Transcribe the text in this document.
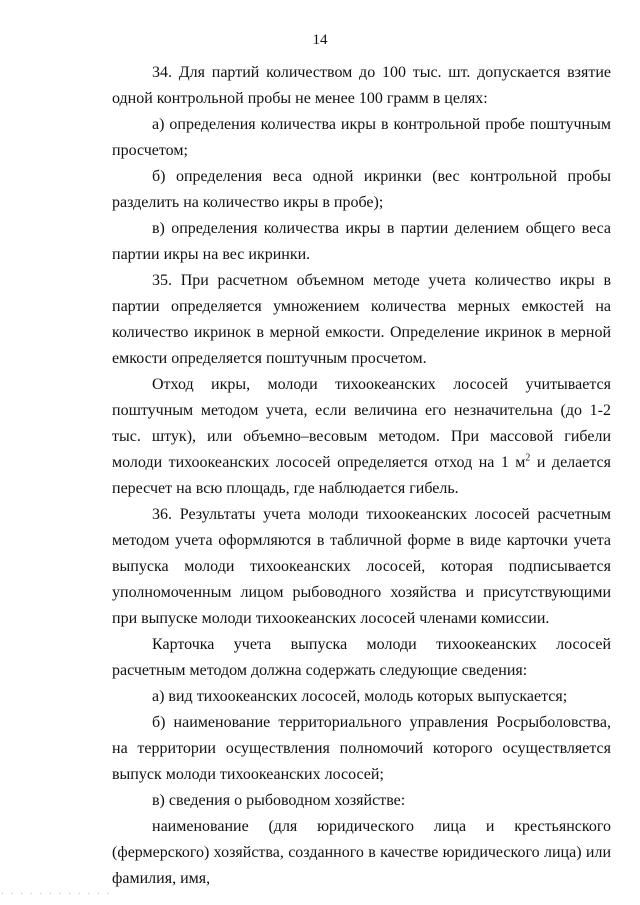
14

34. Для партий количеством до 100 тыс. шт. допускается взятие одной контрольной пробы не менее 100 грамм в целях:

а) определения количества икры в контрольной пробе поштучным просчетом;

б) определения веса одной икринки (вес контрольной пробы разделить на количество икры в пробе);

в) определения количества икры в партии делением общего веса партии икры на вес икринки.

35. При расчетном объемном методе учета количество икры в партии определяется умножением количества мерных емкостей на количество икринок в мерной емкости. Определение икринок в мерной емкости определяется поштучным просчетом.

Отход икры, молоди тихоокеанских лососей учитывается поштучным методом учета, если величина его незначительна (до 1-2 тыс. штук), или объемно–весовым методом. При массовой гибели молоди тихоокеанских лососей определяется отход на 1 $м^2$ и делается пересчет на всю площадь, где наблюдается гибель.

36. Результаты учета молоди тихоокеанских лососей расчетным методом учета оформляются в табличной форме в виде карточки учета выпуска молоди тихоокеанских лососей, которая подписывается уполномоченным лицом рыбоводного хозяйства и присутствующими при выпуске молоди тихоокеанских лососей членами комиссии.

Карточка учета выпуска молоди тихоокеанских лососей расчетным методом должна содержать следующие сведения:

а) вид тихоокеанских лососей, молодь которых выпускается;

б) наименование территориального управления Росрыболовства, на территории осуществления полномочий которого осуществляется выпуск молоди тихоокеанских лососей;

в) сведения о рыбоводном хозяйстве:

наименование (для юридического лица и крестьянского (фермерского) хозяйства, созданного в качестве юридического лица) или фамилия, имя,

. . . . . . . . . . . .
